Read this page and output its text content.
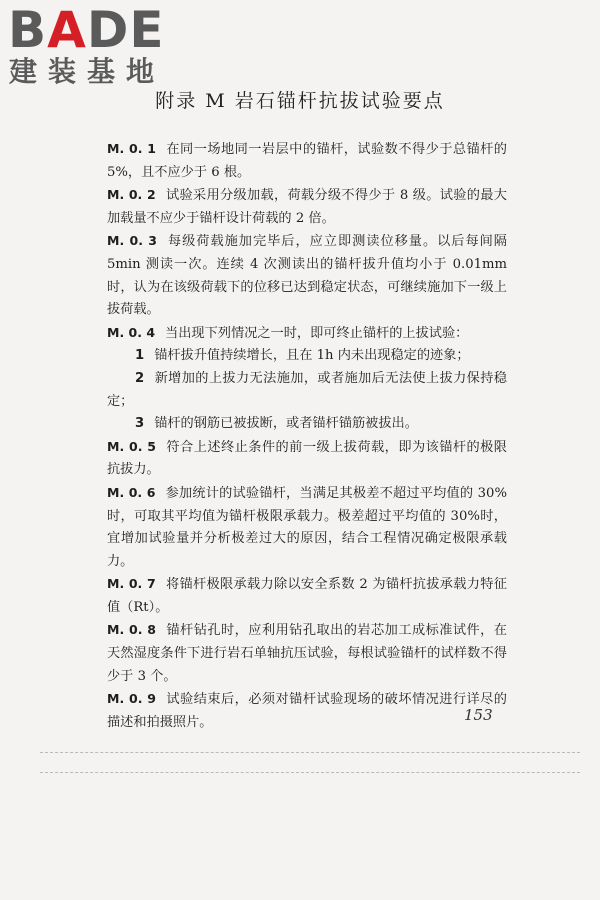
BADE
建装基地
附录 M 岩石锚杆抗拔试验要点

M. 0. 1 在同一场地同一岩层中的锚杆，试验数不得少于总锚杆的 5%，且不应少于 6 根。

M. 0. 2 试验采用分级加载，荷载分级不得少于 8 级。试验的最大加载量不应少于锚杆设计荷载的 2 倍。

M. 0. 3 每级荷载施加完毕后，应立即测读位移量。以后每间隔 5min 测读一次。连续 4 次测读出的锚杆拔升值均小于 0.01mm 时，认为在该级荷载下的位移已达到稳定状态，可继续施加下一级上拔荷载。

M. 0. 4 当出现下列情况之一时，即可终止锚杆的上拔试验：

1 锚杆拔升值持续增长，且在 1h 内未出现稳定的迹象；

2 新增加的上拔力无法施加，或者施加后无法使上拔力保持稳定；

3 锚杆的钢筋已被拔断，或者锚杆锚筋被拔出。

M. 0. 5 符合上述终止条件的前一级上拔荷载，即为该锚杆的极限抗拔力。

M. 0. 6 参加统计的试验锚杆，当满足其极差不超过平均值的 30%时，可取其平均值为锚杆极限承载力。极差超过平均值的 30%时，宜增加试验量并分析极差过大的原因，结合工程情况确定极限承载力。

M. 0. 7 将锚杆极限承载力除以安全系数 2 为锚杆抗拔承载力特征值（Rt）。

M. 0. 8 锚杆钻孔时，应利用钻孔取出的岩芯加工成标准试件，在天然湿度条件下进行岩石单轴抗压试验，每根试验锚杆的试样数不得少于 3 个。

M. 0. 9 试验结束后，必须对锚杆试验现场的破坏情况进行详尽的描述和拍摄照片。	153
